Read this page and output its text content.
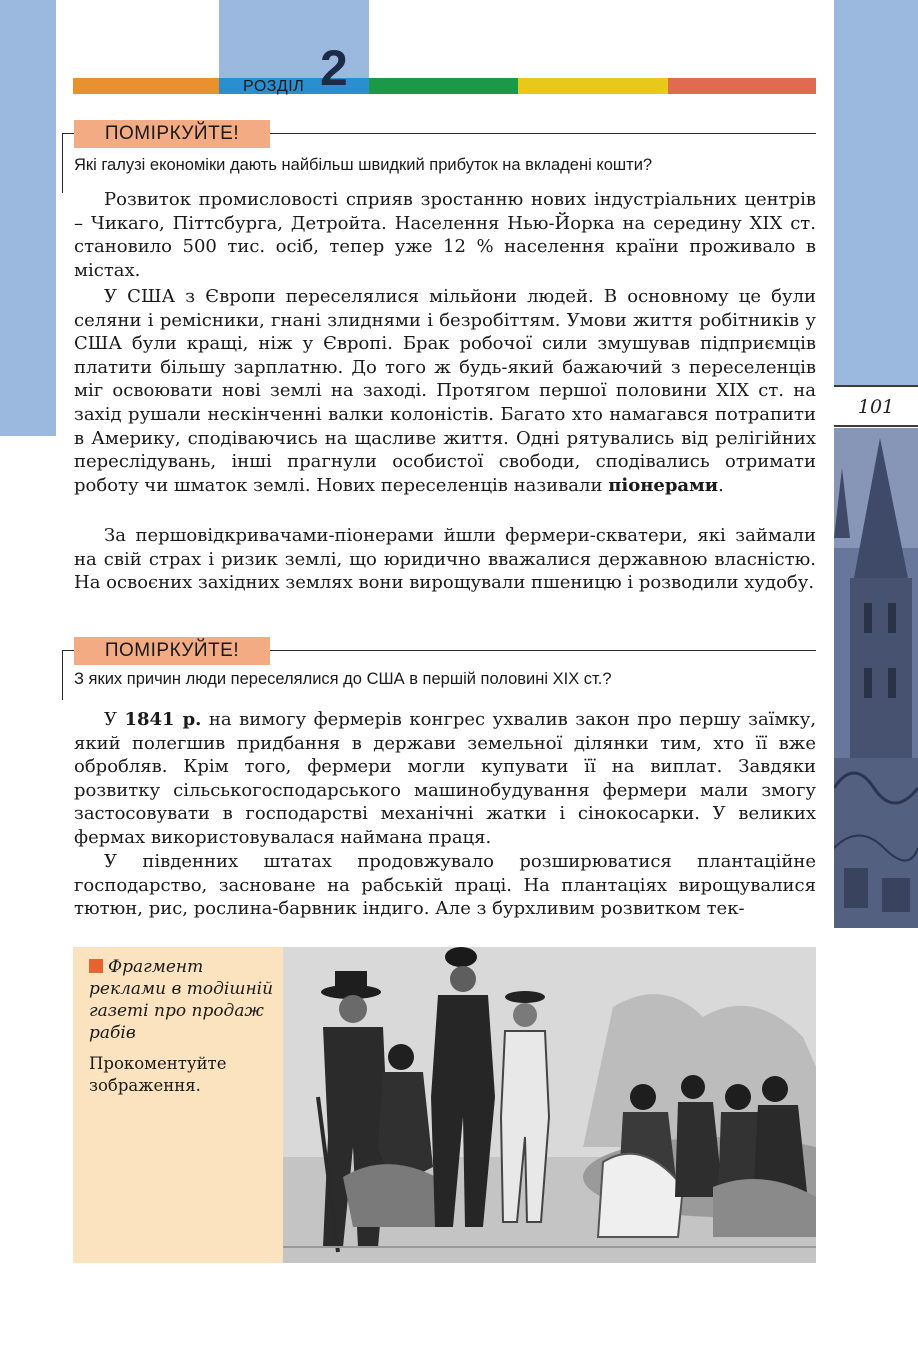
РОЗДІЛ 2
101
ПОМІРКУЙТЕ!
Які галузі економіки дають найбільш швидкий прибуток на вкладені кошти?

Розвиток промисловості сприяв зростанню нових індустріальних центрів – Чикаго, Піттсбурга, Детройта. Населення Нью-Йорка на середину XIX ст. становило 500 тис. осіб, тепер уже 12 % населення країни проживало в містах.

У США з Європи переселялися мільйони людей. В основному це були селяни і ремісники, гнані злиднями і безробіттям. Умови життя робітників у США були кращі, ніж у Європі. Брак робочої сили змушував підприємців платити більшу зарплатню. До того ж будь-який бажаючий з переселенців міг освоювати нові землі на заході. Протягом першої половини XIX ст. на захід рушали нескінченні валки колоністів. Багато хто намагався потрапити в Америку, сподіваючись на щасливе життя. Одні рятувались від релігійних переслідувань, інші прагнули особистої свободи, сподівались отримати роботу чи шматок землі. Нових переселенців називали піонерами.

За першовідкривачами-піонерами йшли фермери-скватери, які займали на свій страх і ризик землі, що юридично вважалися державною власністю. На освоєних західних землях вони вирощували пшеницю і розводили худобу.

ПОМІРКУЙТЕ!
З яких причин люди переселялися до США в першій половині XIX ст.?

У 1841 р. на вимогу фермерів конгрес ухвалив закон про першу заїмку, який полегшив придбання в держави земельної ділянки тим, хто її вже обробляв. Крім того, фермери могли купувати її на виплат. Завдяки розвитку сільськогосподарського машинобудування фермери мали змогу застосовувати в господарстві механічні жатки і сінокосарки. У великих фермах використовувалася наймана праця.

У південних штатах продовжувало розширюватися плантаційне господарство, засноване на рабській праці. На плантаціях вирощувалися тютюн, рис, рослина-барвник індиго. Але з бурхливим розвитком тек-

Фрагмент реклами в тодішній газеті про продаж рабів

Прокоментуйте зображення.
